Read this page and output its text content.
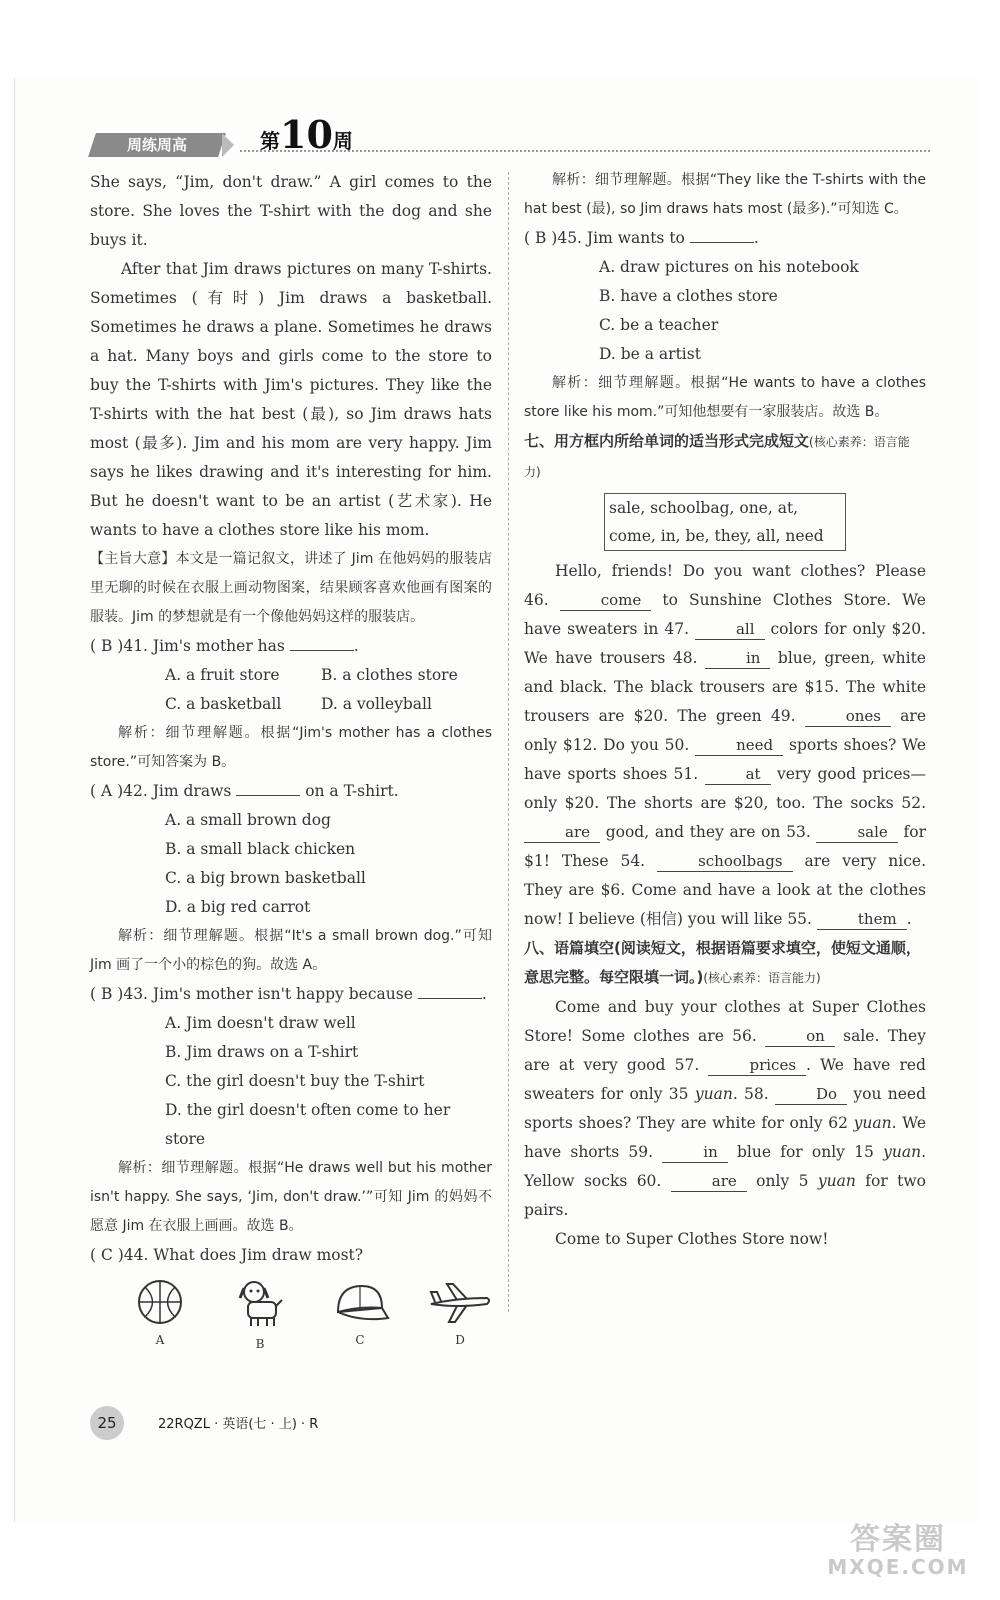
周练周高	第10周

She says, “Jim, don't draw.” A girl comes to the store. She loves the T-shirt with the dog and she buys it.

After that Jim draws pictures on many T-shirts. Sometimes (有时) Jim draws a basketball. Sometimes he draws a plane. Sometimes he draws a hat. Many boys and girls come to the store to buy the T-shirts with Jim's pictures. They like the T-shirts with the hat best (最), so Jim draws hats most (最多). Jim and his mom are very happy. Jim says he likes drawing and it's interesting for him. But he doesn't want to be an artist (艺术家). He wants to have a clothes store like his mom.

【主旨大意】本文是一篇记叙文，讲述了 Jim 在他妈妈的服装店里无聊的时候在衣服上画动物图案，结果顾客喜欢他画有图案的服装。Jim 的梦想就是有一个像他妈妈这样的服装店。

( B )41. Jim's mother has	.

A. a fruit store	B. a clothes store

C. a basketball	D. a volleyball

解析：细节理解题。根据“Jim's mother has a clothes store.”可知答案为 B。

( A )42. Jim draws	on a T-shirt.

A. a small brown dog

B. a small black chicken

C. a big brown basketball

D. a big red carrot

解析：细节理解题。根据“It's a small brown dog.”可知 Jim 画了一个小的棕色的狗。故选 A。

( B )43. Jim's mother isn't happy because	.

A. Jim doesn't draw well

B. Jim draws on a T-shirt

C. the girl doesn't buy the T-shirt

D. the girl doesn't often come to her store

解析：细节理解题。根据“He draws well but his mother isn't happy. She says, ‘Jim, don't draw.’”可知 Jim 的妈妈不愿意 Jim 在衣服上画画。故选 B。

( C )44. What does Jim draw most?

A	B	C	D

解析：细节理解题。根据“They like the T-shirts with the hat best (最), so Jim draws hats most (最多).”可知选 C。

( B )45. Jim wants to	.

A. draw pictures on his notebook

B. have a clothes store

C. be a teacher

D. be a artist

解析：细节理解题。根据“He wants to have a clothes store like his mom.”可知他想要有一家服装店。故选 B。

七、用方框内所给单词的适当形式完成短文(核心素养：语言能力)

sale, schoolbag, one, at, come, in, be, they, all, need

Hello, friends! Do you want clothes? Please 46.	come to Sunshine Clothes Store. We have sweaters in 47.	all colors for only $20. We have trousers 48.	in blue, green, white and black. The black trousers are $15. The white trousers are $20. The green 49.	ones are only $12. Do you 50.	need sports shoes? We have sports shoes 51.	at very good prices—only $20. The shorts are $20, too. The socks 52. are good, and they are on 53.	sale for $1! These 54.	schoolbags are very nice. They are $6. Come and have a look at the clothes now! I believe (相信) you will like 55.	them .

八、语篇填空(阅读短文，根据语篇要求填空，使短文通顺，意思完整。每空限填一词。)(核心素养：语言能力)

Come and buy your clothes at Super Clothes Store! Some clothes are 56.	on sale. They are at very good 57.	prices . We have red sweaters for only 35 yuan. 58.	Do you need sports shoes? They are white for only 62 yuan. We have shorts 59.	in blue for only 15 yuan. Yellow socks 60.	are only 5 yuan for two pairs.

Come to Super Clothes Store now!

25	22RQZL · 英语(七 · 上) · R
答案圈
MXQE.COM
